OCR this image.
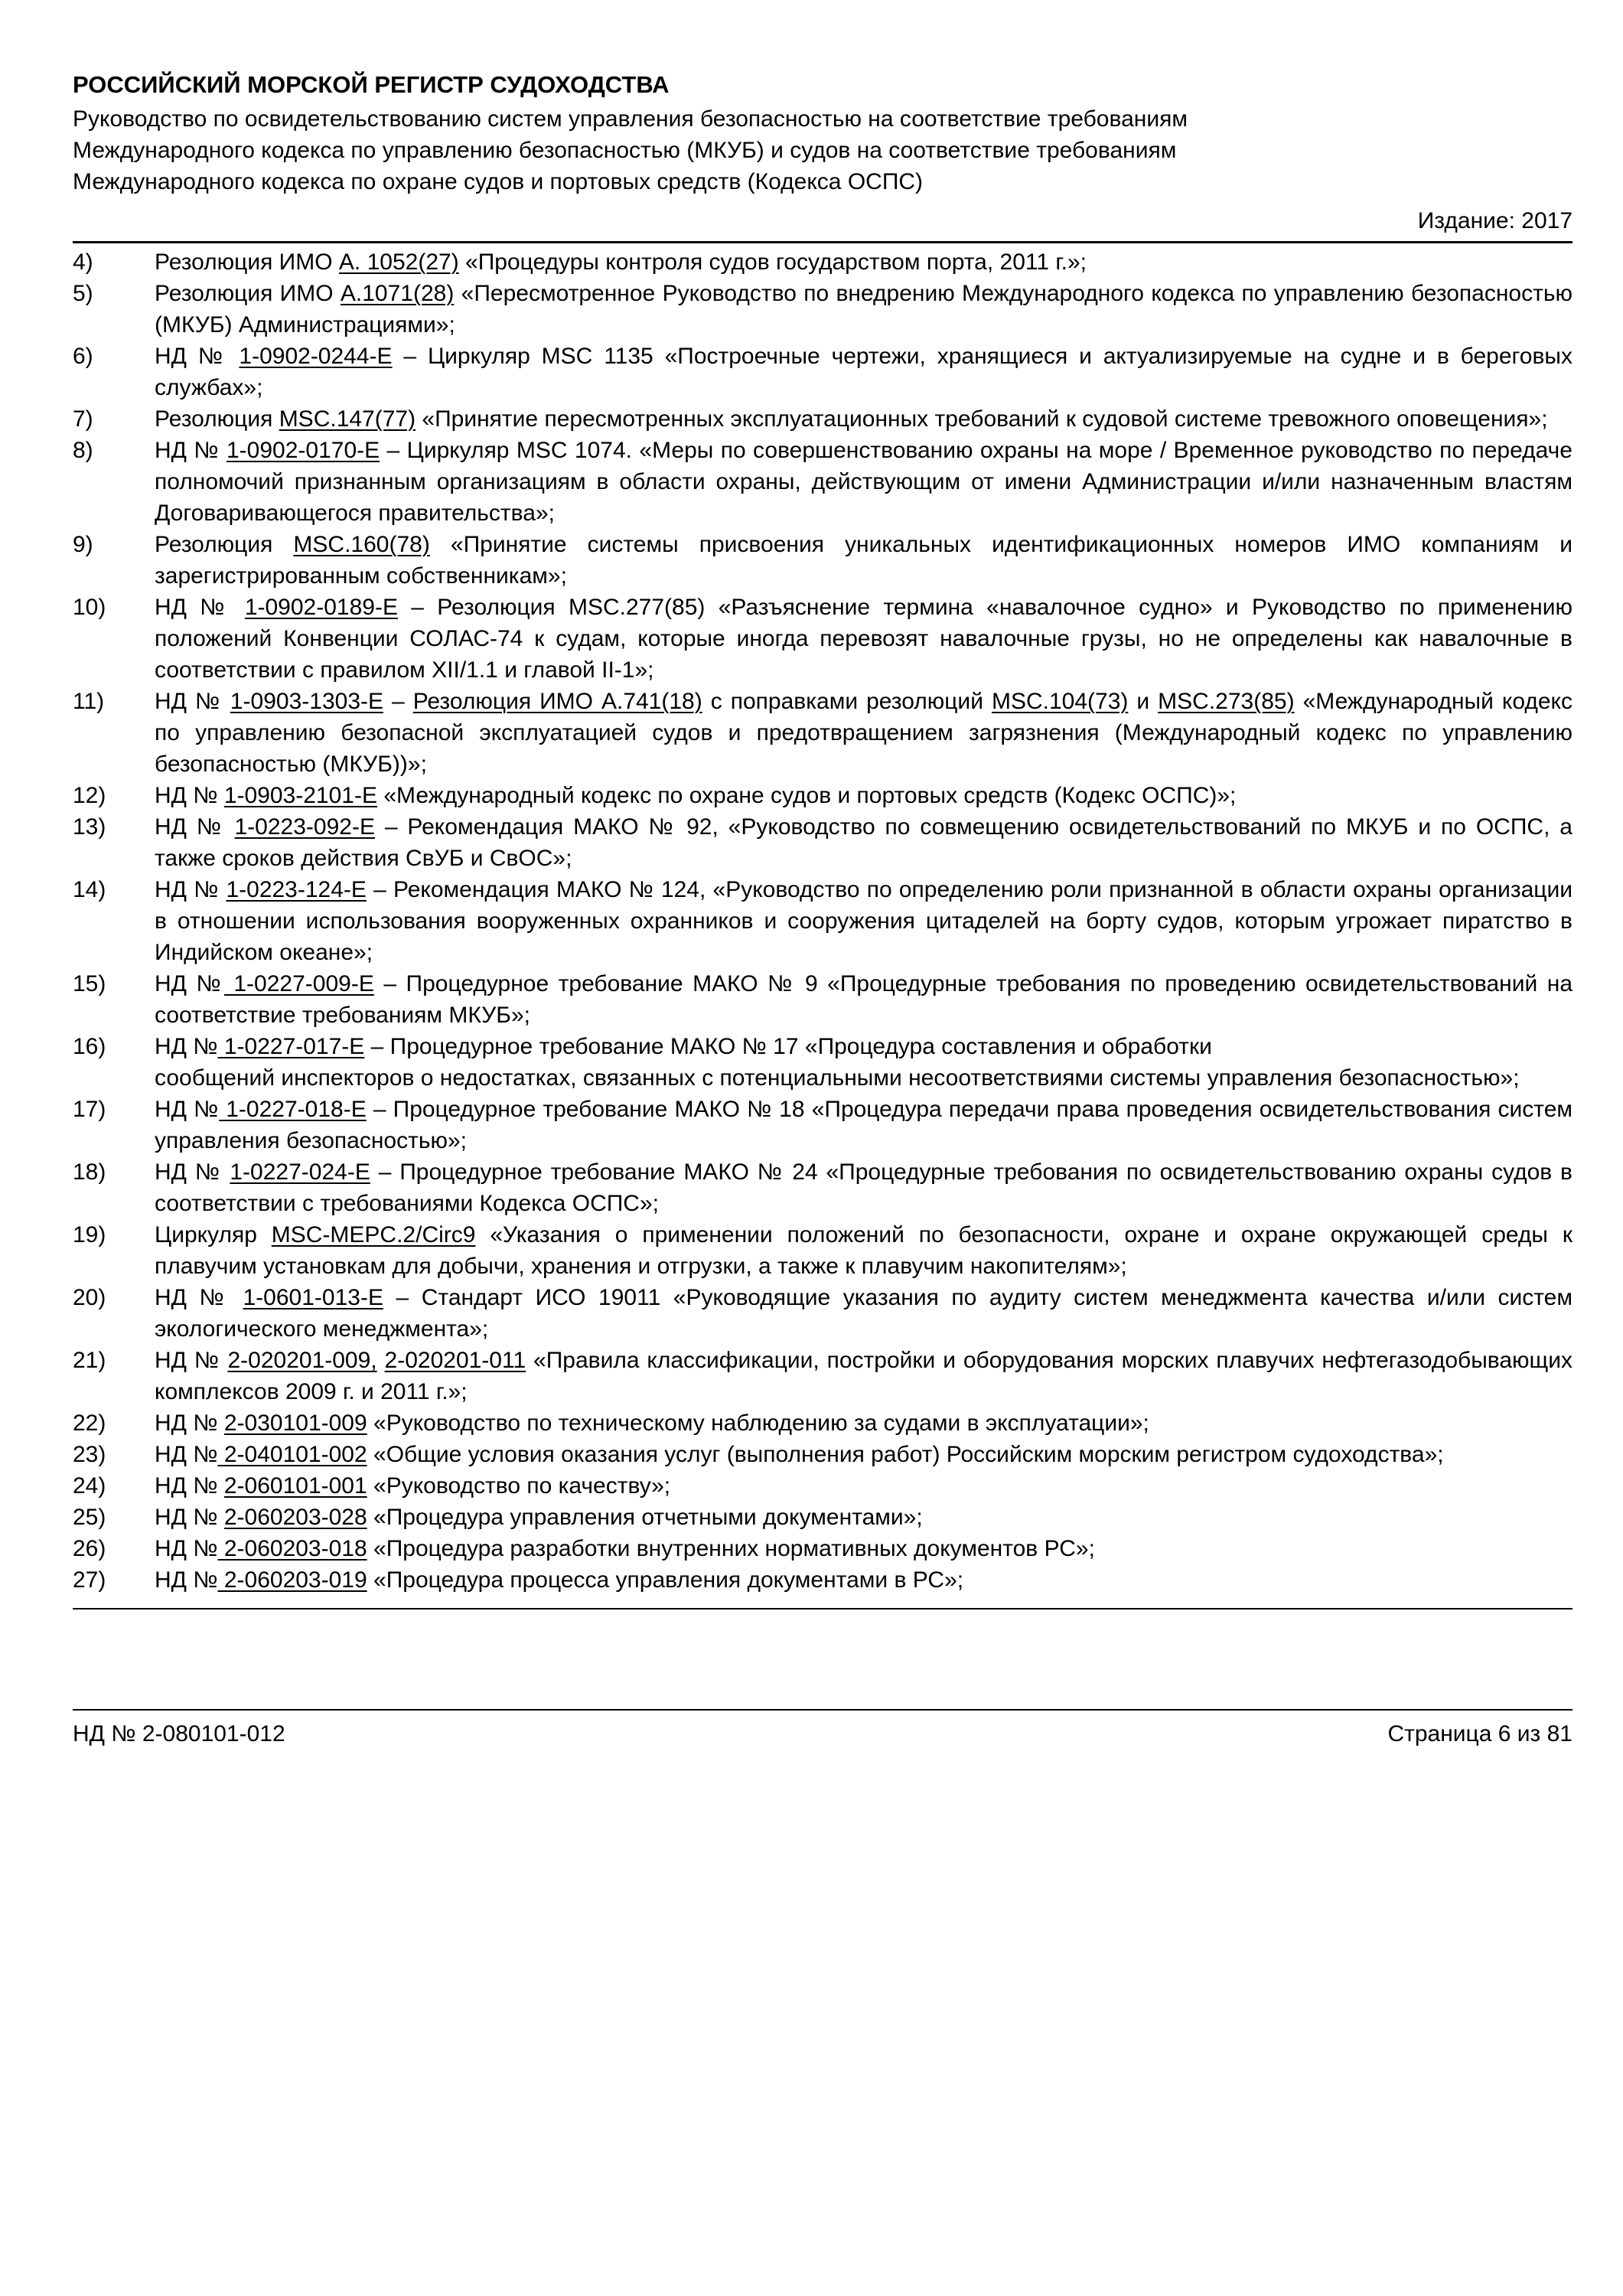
РОССИЙСКИЙ МОРСКОЙ РЕГИСТР СУДОХОДСТВА
Руководство по освидетельствованию систем управления безопасностью на соответствие требованиям
Международного кодекса по управлению безопасностью (МКУБ) и судов на соответствие требованиям
Международного кодекса по охране судов и портовых средств (Кодекса ОСПС)
Издание: 2017
4)	Резолюция ИМО А. 1052(27) «Процедуры контроля судов государством порта, 2011 г.»;
5)	Резолюция ИМО А.1071(28) «Пересмотренное Руководство по внедрению Международного кодекса по управлению безопасностью (МКУБ) Администрациями»;
6)	НД № 1-0902-0244-Е – Циркуляр MSC 1135 «Построечные чертежи, хранящиеся и актуализируемые на судне и в береговых службах»;
7)	Резолюция MSC.147(77) «Принятие пересмотренных эксплуатационных требований к судовой системе тревожного оповещения»;
8)	НД № 1-0902-0170-Е – Циркуляр MSC 1074. «Меры по совершенствованию охраны на море / Временное руководство по передаче полномочий признанным организациям в области охраны, действующим от имени Администрации и/или назначенным властям Договаривающегося правительства»;
9)	Резолюция MSC.160(78) «Принятие системы присвоения уникальных идентификационных номеров ИМО компаниям и зарегистрированным собственникам»;
10)	НД № 1-0902-0189-Е – Резолюция MSC.277(85) «Разъяснение термина «навалочное судно» и Руководство по применению положений Конвенции СОЛАС-74 к судам, которые иногда перевозят навалочные грузы, но не определены как навалочные в соответствии с правилом XII/1.1 и главой II-1»;
11)	НД № 1-0903-1303-Е – Резолюция ИМО А.741(18) с поправками резолюций MSC.104(73) и MSC.273(85) «Международный кодекс по управлению безопасной эксплуатацией судов и предотвращением загрязнения (Международный кодекс по управлению безопасностью (МКУБ))»;
12)	НД № 1-0903-2101-Е «Международный кодекс по охране судов и портовых средств (Кодекс ОСПС)»;
13)	НД № 1-0223-092-Е – Рекомендация МАКО № 92, «Руководство по совмещению освидетельствований по МКУБ и по ОСПС, а также сроков действия СвУБ и СвОС»;
14)	НД № 1-0223-124-Е – Рекомендация МАКО № 124, «Руководство по определению роли признанной в области охраны организации в отношении использования вооруженных охранников и сооружения цитаделей на борту судов, которым угрожает пиратство в Индийском океане»;
15)	НД № 1-0227-009-Е – Процедурное требование МАКО № 9 «Процедурные требования по проведению освидетельствований на соответствие требованиям МКУБ»;
16)	НД № 1-0227-017-Е – Процедурное требование МАКО № 17 «Процедура составления и обработки
сообщений инспекторов о недостатках, связанных с потенциальными несоответствиями системы управления безопасностью»;
17)	НД № 1-0227-018-Е – Процедурное требование МАКО № 18 «Процедура передачи права проведения освидетельствования систем управления безопасностью»;
18)	НД № 1-0227-024-Е – Процедурное требование МАКО № 24 «Процедурные требования по освидетельствованию охраны судов в соответствии с требованиями Кодекса ОСПС»;
19)	Циркуляр MSC-MEPC.2/Circ9 «Указания о применении положений по безопасности, охране и охране окружающей среды к плавучим установкам для добычи, хранения и отгрузки, а также к плавучим накопителям»;
20)	НД № 1-0601-013-Е – Стандарт ИСО 19011 «Руководящие указания по аудиту систем менеджмента качества и/или систем экологического менеджмента»;
21)	НД № 2-020201-009, 2-020201-011 «Правила классификации, постройки и оборудования морских плавучих нефтегазодобывающих комплексов 2009 г. и 2011 г.»;
22)	НД № 2-030101-009 «Руководство по техническому наблюдению за судами в эксплуатации»;
23)	НД № 2-040101-002 «Общие условия оказания услуг (выполнения работ) Российским морским регистром судоходства»;
24)	НД № 2-060101-001 «Руководство по качеству»;
25)	НД № 2-060203-028 «Процедура управления отчетными документами»;
26)	НД № 2-060203-018 «Процедура разработки внутренних нормативных документов РС»;
27)	НД № 2-060203-019 «Процедура процесса управления документами в РС»;
НД № 2-080101-012	Страница 6 из 81
